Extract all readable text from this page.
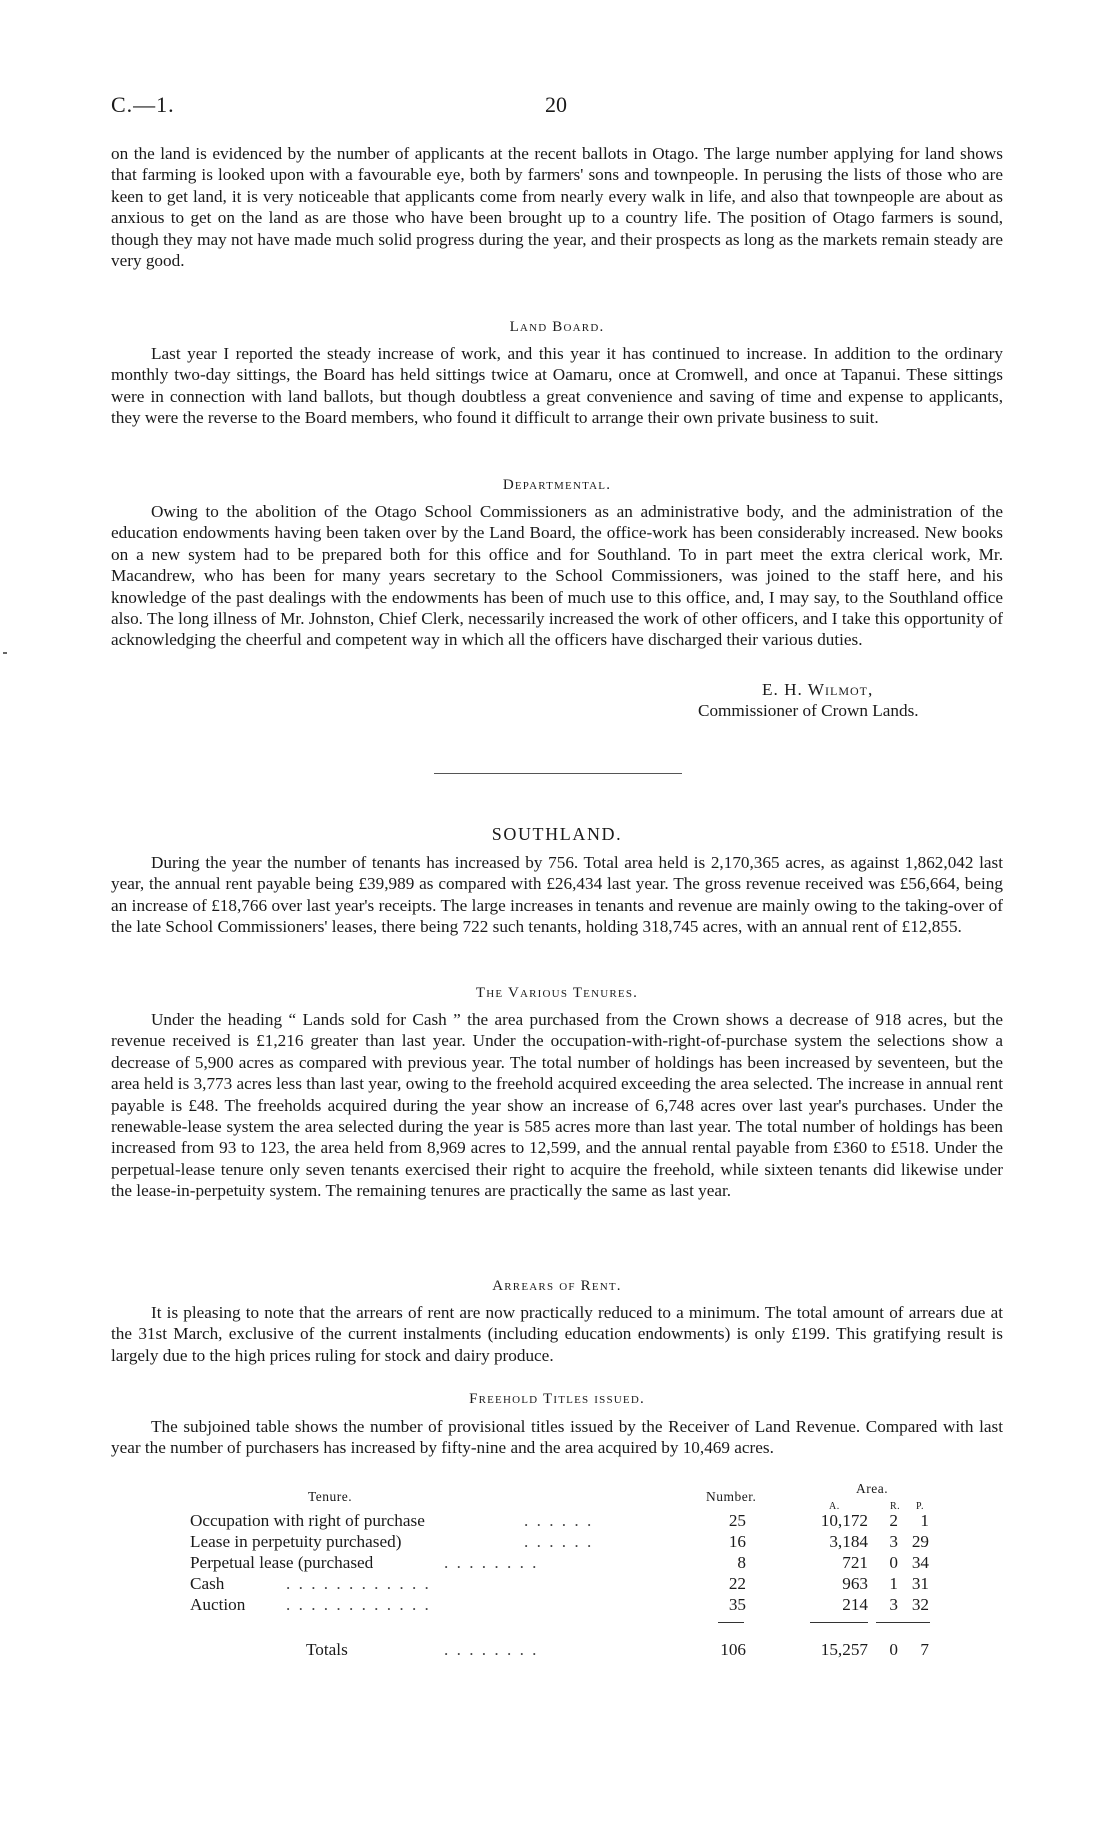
C.—1.	20

on the land is evidenced by the number of applicants at the recent ballots in Otago. The large number applying for land shows that farming is looked upon with a favourable eye, both by farmers' sons and townpeople. In perusing the lists of those who are keen to get land, it is very noticeable that applicants come from nearly every walk in life, and also that townpeople are about as anxious to get on the land as are those who have been brought up to a country life. The position of Otago farmers is sound, though they may not have made much solid progress during the year, and their prospects as long as the markets remain steady are very good.

Land Board.

Last year I reported the steady increase of work, and this year it has continued to increase. In addition to the ordinary monthly two-day sittings, the Board has held sittings twice at Oamaru, once at Cromwell, and once at Tapanui. These sittings were in connection with land ballots, but though doubtless a great convenience and saving of time and expense to applicants, they were the reverse to the Board members, who found it difficult to arrange their own private business to suit.

Departmental.

Owing to the abolition of the Otago School Commissioners as an administrative body, and the administration of the education endowments having been taken over by the Land Board, the office-work has been considerably increased. New books on a new system had to be prepared both for this office and for Southland. To in part meet the extra clerical work, Mr. Macandrew, who has been for many years secretary to the School Commissioners, was joined to the staff here, and his knowledge of the past dealings with the endowments has been of much use to this office, and, I may say, to the Southland office also. The long illness of Mr. Johnston, Chief Clerk, necessarily increased the work of other officers, and I take this opportunity of acknowledging the cheerful and competent way in which all the officers have discharged their various duties.

E. H. Wilmot,
Commissioner of Crown Lands.

SOUTHLAND.

During the year the number of tenants has increased by 756. Total area held is 2,170,365 acres, as against 1,862,042 last year, the annual rent payable being £39,989 as compared with £26,434 last year. The gross revenue received was £56,664, being an increase of £18,766 over last year's receipts. The large increases in tenants and revenue are mainly owing to the taking-over of the late School Commissioners' leases, there being 722 such tenants, holding 318,745 acres, with an annual rent of £12,855.

The Various Tenures.

Under the heading “ Lands sold for Cash ” the area purchased from the Crown shows a decrease of 918 acres, but the revenue received is £1,216 greater than last year. Under the occupation-with-right-of-purchase system the selections show a decrease of 5,900 acres as compared with previous year. The total number of holdings has been increased by seventeen, but the area held is 3,773 acres less than last year, owing to the freehold acquired exceeding the area selected. The increase in annual rent payable is £48. The freeholds acquired during the year show an increase of 6,748 acres over last year's purchases. Under the renewable-lease system the area selected during the year is 585 acres more than last year. The total number of holdings has been increased from 93 to 123, the area held from 8,969 acres to 12,599, and the annual rental payable from £360 to £518. Under the perpetual-lease tenure only seven tenants exercised their right to acquire the freehold, while sixteen tenants did likewise under the lease-in-perpetuity system. The remaining tenures are practically the same as last year.

Arrears of Rent.

It is pleasing to note that the arrears of rent are now practically reduced to a minimum. The total amount of arrears due at the 31st March, exclusive of the current instalments (including education endowments) is only £199. This gratifying result is largely due to the high prices ruling for stock and dairy produce.

Freehold Titles issued.

The subjoined table shows the number of provisional titles issued by the Receiver of Land Revenue. Compared with last year the number of purchasers has increased by fifty-nine and the area acquired by 10,469 acres.

Tenure.	Number.
Area.
A.	R. P.
Occupation with right of purchase	. . . . . .	25	10,172	2	1
Lease in perpetuity purchased)	. . . . . .	16	3,184	3 29
Perpetual lease (purchased	. . . . . . . .	8	721	0 34
Cash	. . . . . . . . . . . .	22	963	1 31
Auction . . . . . . . . . . . .	35	214	3 32
Totals	. . . . . . . .	106	15,257	0	7
